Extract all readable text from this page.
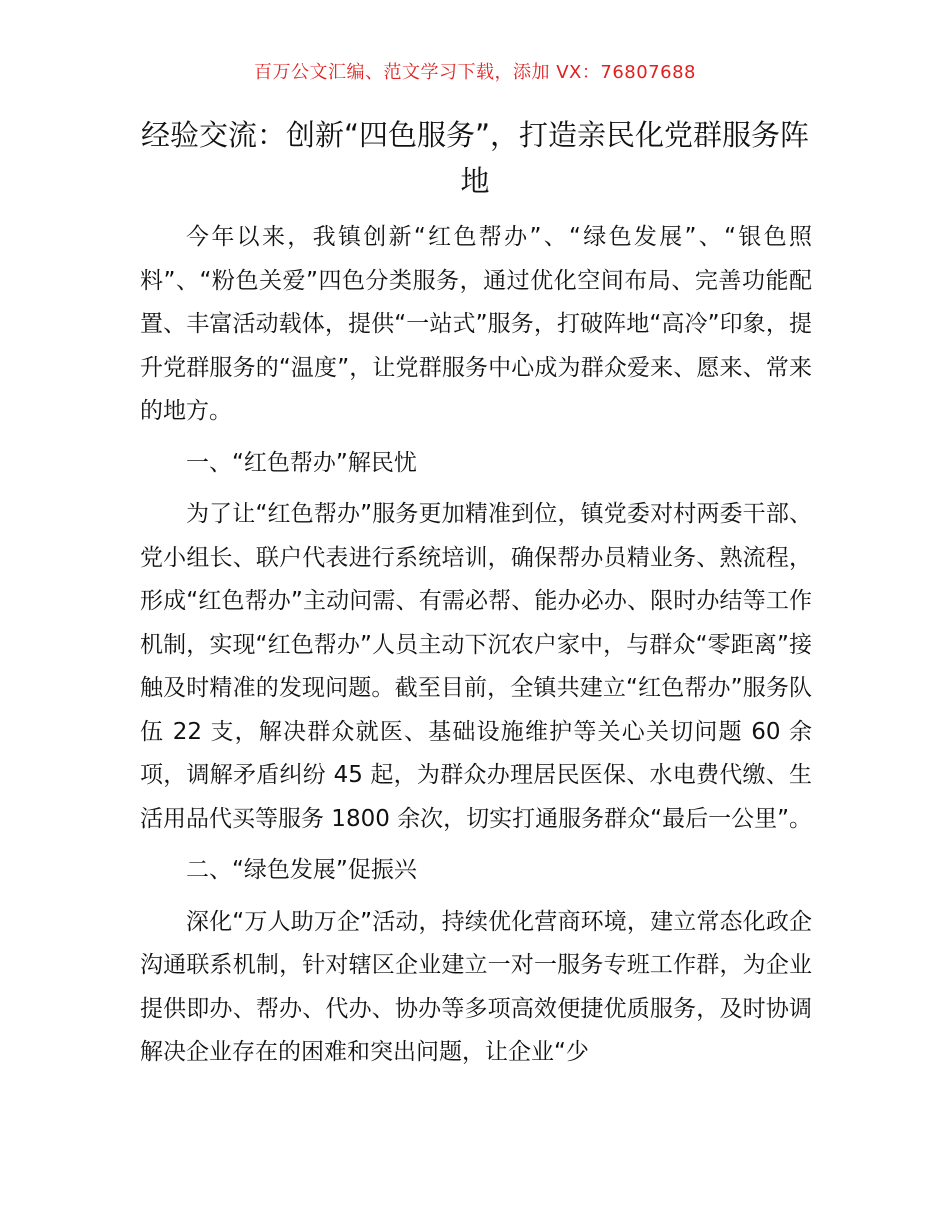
百万公文汇编、范文学习下载，添加 VX：76807688
经验交流：创新“四色服务”，打造亲民化党群服务阵地

今年以来，我镇创新“红色帮办”、“绿色发展”、“银色照料”、“粉色关爱”四色分类服务，通过优化空间布局、完善功能配置、丰富活动载体，提供“一站式”服务，打破阵地“高冷”印象，提升党群服务的“温度”，让党群服务中心成为群众爱来、愿来、常来的地方。

一、“红色帮办”解民忧

为了让“红色帮办”服务更加精准到位，镇党委对村两委干部、党小组长、联户代表进行系统培训，确保帮办员精业务、熟流程，形成“红色帮办”主动问需、有需必帮、能办必办、限时办结等工作机制，实现“红色帮办”人员主动下沉农户家中，与群众“零距离”接触及时精准的发现问题。截至目前，全镇共建立“红色帮办”服务队伍 22 支，解决群众就医、基础设施维护等关心关切问题 60 余项，调解矛盾纠纷 45 起，为群众办理居民医保、水电费代缴、生活用品代买等服务 1800 余次，切实打通服务群众“最后一公里”。

二、“绿色发展”促振兴

深化“万人助万企”活动，持续优化营商环境，建立常态化政企沟通联系机制，针对辖区企业建立一对一服务专班工作群，为企业提供即办、帮办、代办、协办等多项高效便捷优质服务，及时协调解决企业存在的困难和突出问题，让企业“少
